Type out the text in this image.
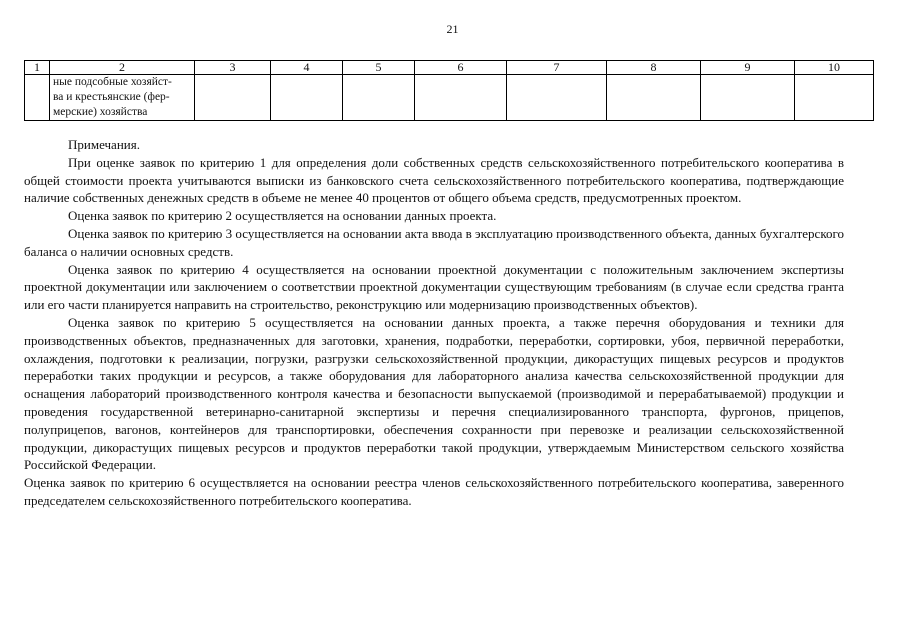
21
1	2	3	4	5	6	7	8	9	10
	ные подсобные хозяйст-
ва и крестьянские (фер-
мерские) хозяйства								

Примечания.

При оценке заявок по критерию 1 для определения доли собственных средств сельскохозяйственного потребительского кооператива в общей стоимости проекта учитываются выписки из банковского счета сельскохозяйственного потребительского кооператива, подтверждающие наличие собственных денежных средств в объеме не менее 40 процентов от общего объема средств, предусмотренных проектом.

Оценка заявок по критерию 2 осуществляется на основании данных проекта.

Оценка заявок по критерию 3 осуществляется на основании акта ввода в эксплуатацию производственного объекта, данных бухгалтерского баланса о наличии основных средств.

Оценка заявок по критерию 4 осуществляется на основании проектной документации с положительным заключением экспертизы проектной документации или заключением о соответствии проектной документации существующим требованиям (в случае если средства гранта или его части планируется направить на строительство, реконструкцию или модернизацию производственных объектов).

Оценка заявок по критерию 5 осуществляется на основании данных проекта, а также перечня оборудования и техники для производственных объектов, предназначенных для заготовки, хранения, подработки, переработки, сортировки, убоя, первичной переработки, охлаждения, подготовки к реализации, погрузки, разгрузки сельскохозяйственной продукции, дикорастущих пищевых ресурсов и продуктов переработки таких продукции и ресурсов, а также оборудования для лабораторного анализа качества сельскохозяйственной продукции для оснащения лабораторий производственного контроля качества и безопасности выпускаемой (производимой и перерабатываемой) продукции и проведения государственной ветеринарно-санитарной экспертизы и перечня специализированного транспорта, фургонов, прицепов, полуприцепов, вагонов, контейнеров для транспортировки, обеспечения сохранности при перевозке и реализации сельскохозяйственной продукции, дикорастущих пищевых ресурсов и продуктов переработки такой продукции, утверждаемым Министерством сельского хозяйства Российской Федерации.

Оценка заявок по критерию 6 осуществляется на основании реестра членов сельскохозяйственного потребительского кооператива, заверенного председателем сельскохозяйственного потребительского кооператива.
